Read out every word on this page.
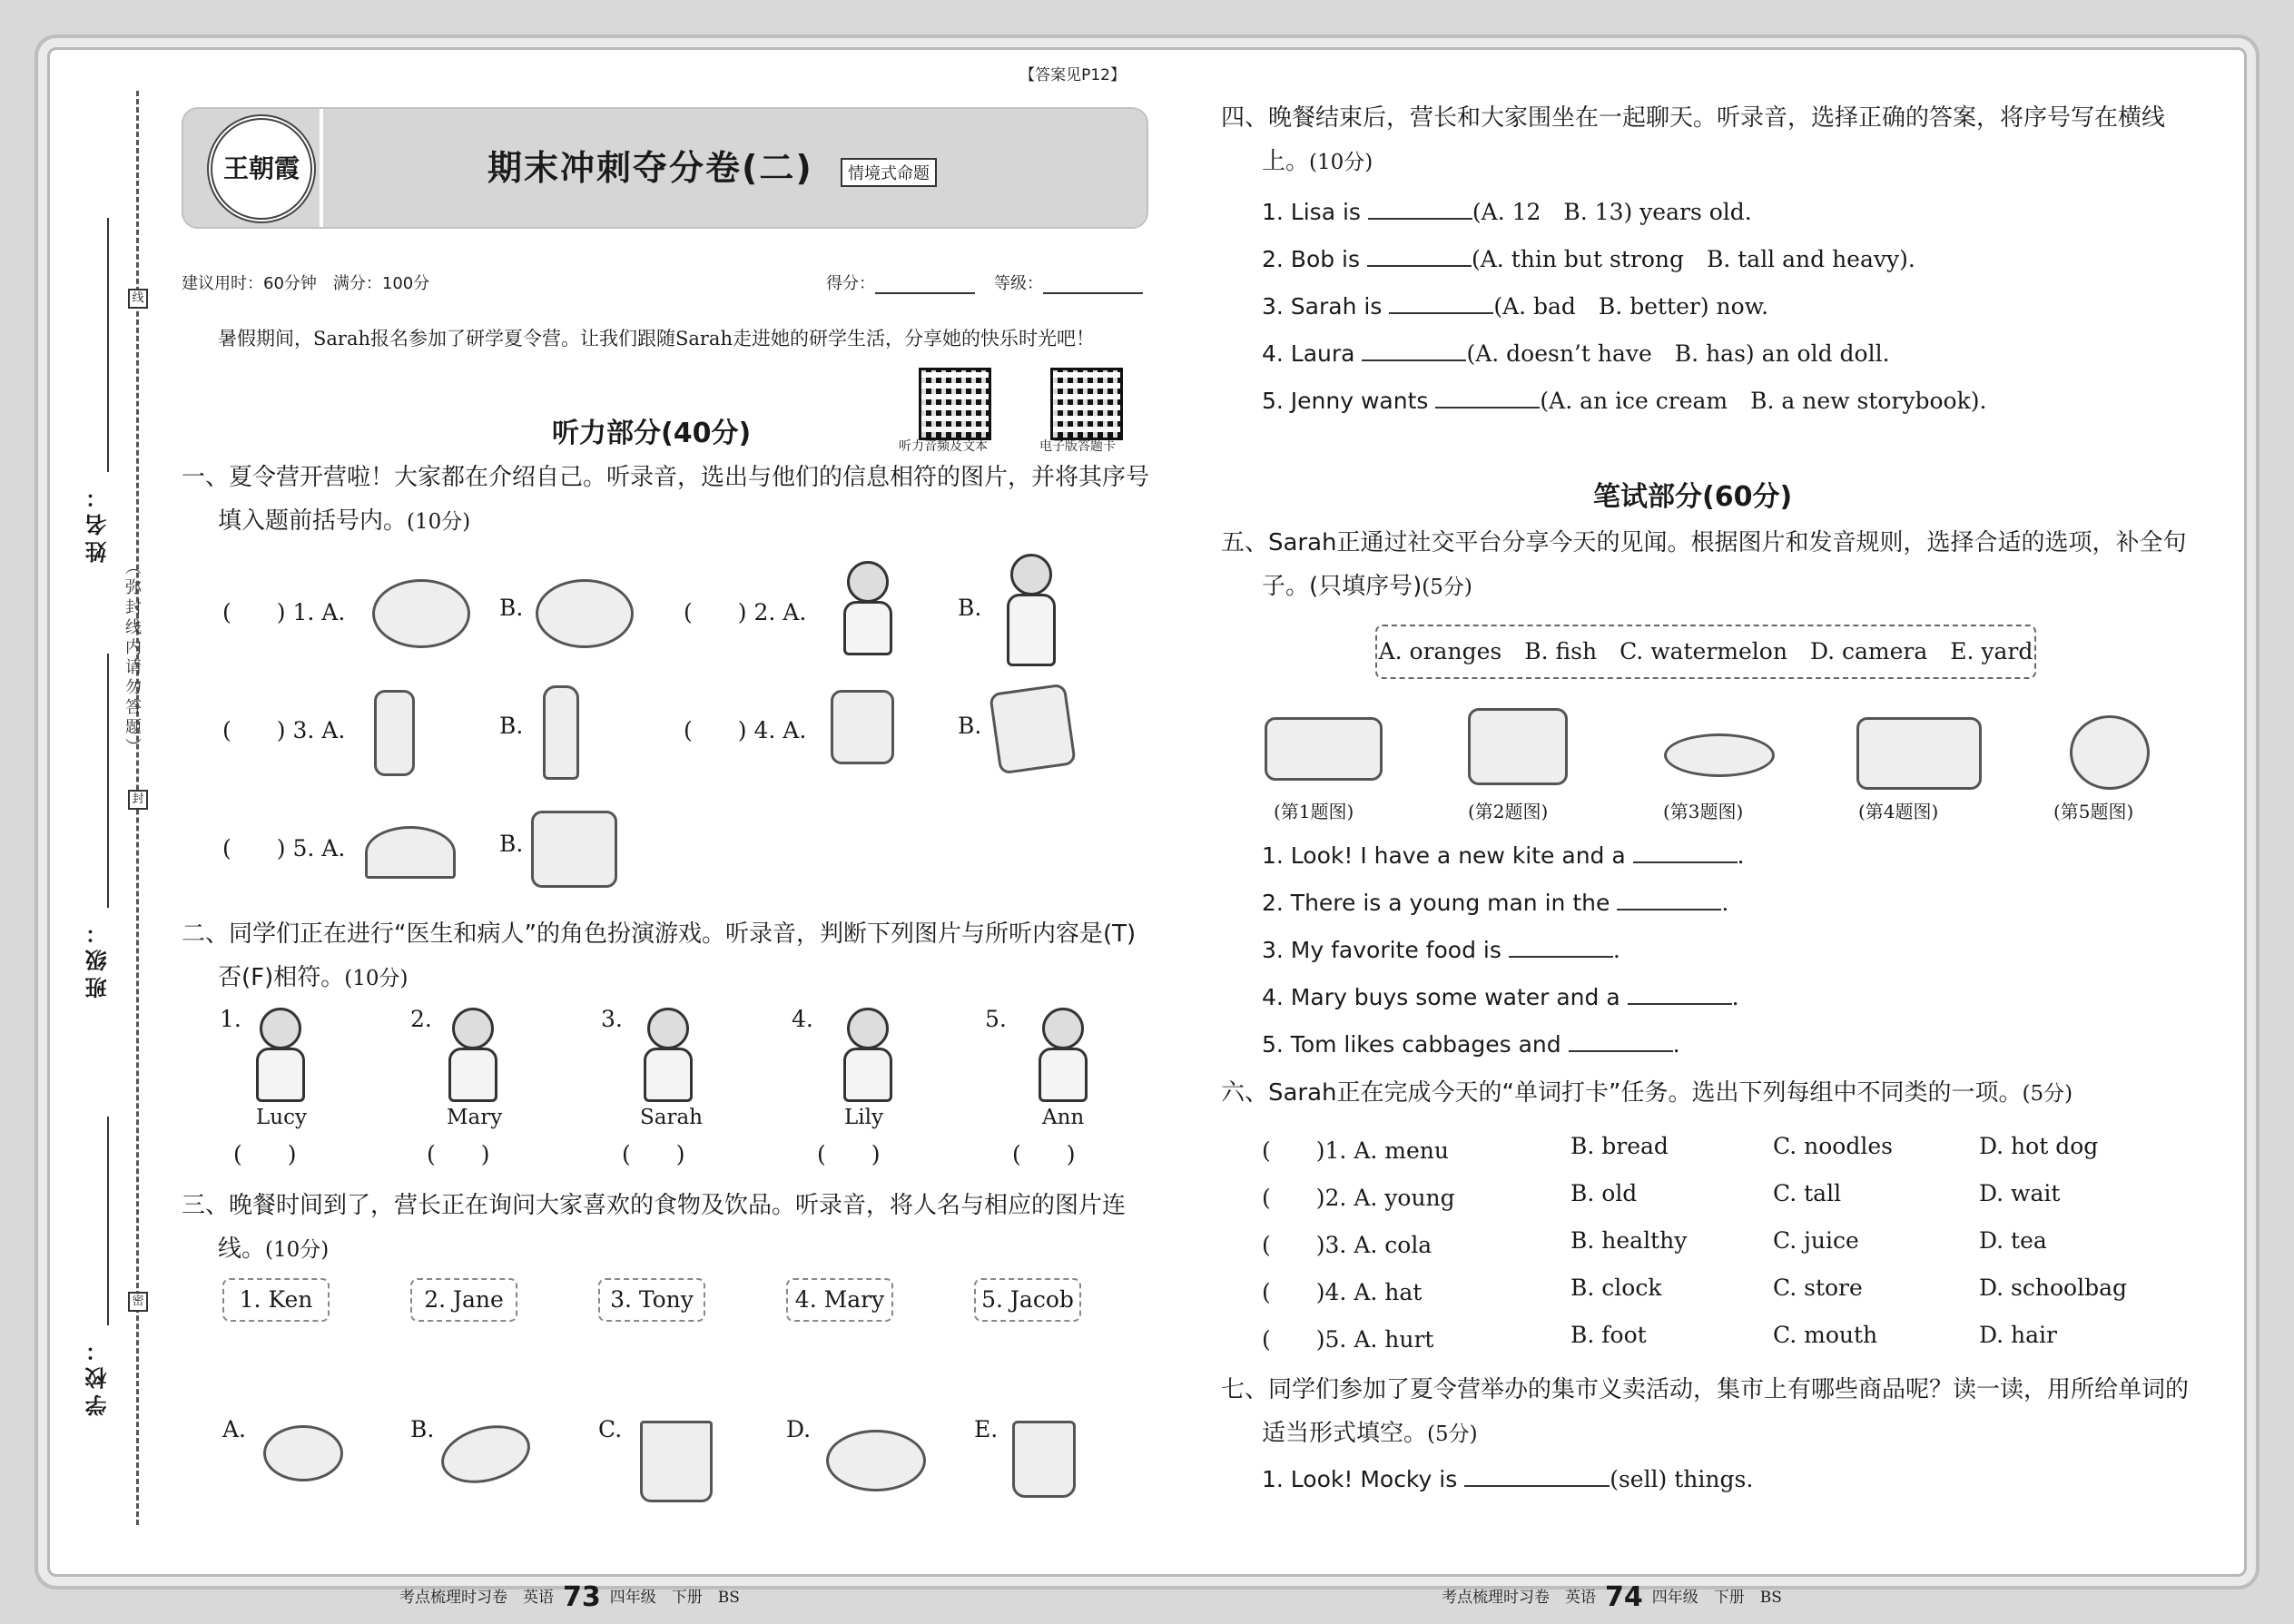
线
封
密
姓名：
班级：
学校：
（弥封线内请勿答题）
【答案见P12】
王朝霞	期末冲刺夺分卷(二)	情境式命题
建议用时：60分钟　满分：100分	得分：	等级：
暑假期间，Sarah报名参加了研学夏令营。让我们跟随Sarah走进她的研学生活，分享她的快乐时光吧！
听力音频及文本	电子版答题卡
听力部分(40分)
一、夏令营开营啦！大家都在介绍自己。听录音，选出与他们的信息相符的图片，并将其序号填入题前括号内。(10分)
(　　) 1. A.	B.	(　　) 2. A.	B.
(　　) 3. A.	B.	(　　) 4. A.	B.
(　　) 5. A.	B.
二、同学们正在进行“医生和病人”的角色扮演游戏。听录音，判断下列图片与所听内容是(T)否(F)相符。(10分)
1.
Lucy
(　　)
2.
Mary
(　　)
3.
Sarah
(　　)
4.
Lily
(　　)
5.
Ann
(　　)
三、晚餐时间到了，营长正在询问大家喜欢的食物及饮品。听录音，将人名与相应的图片连线。(10分)
1. Ken	2. Jane	3. Tony	4. Mary	5. Jacob
A.	B.	C.	D.	E.
考点梳理时习卷　英语 73 四年级　下册　BS
四、晚餐结束后，营长和大家围坐在一起聊天。听录音，选择正确的答案，将序号写在横线上。(10分)
1. Lisa is	(A. 12　B. 13) years old.
2. Bob is	(A. thin but strong　B. tall and heavy).
3. Sarah is	(A. bad　B. better) now.
4. Laura	(A. doesn’t have　B. has) an old doll.
5. Jenny wants	(A. an ice cream　B. a new storybook).
笔试部分(60分)
五、Sarah正通过社交平台分享今天的见闻。根据图片和发音规则，选择合适的选项，补全句子。(只填序号)(5分)
A. oranges　B. fish　C. watermelon　D. camera　E. yard
(第1题图)	(第2题图)	(第3题图)	(第4题图)	(第5题图)
1. Look! I have a new kite and a	.
2. There is a young man in the	.
3. My favorite food is	.
4. Mary buys some water and a	.
5. Tom likes cabbages and	.
六、Sarah正在完成今天的“单词打卡”任务。选出下列每组中不同类的一项。(5分)
(　　)1. A. menu	B. bread	C. noodles	D. hot dog
(　　)2. A. young	B. old	C. tall	D. wait
(　　)3. A. cola	B. healthy	C. juice	D. tea
(　　)4. A. hat	B. clock	C. store	D. schoolbag
(　　)5. A. hurt	B. foot	C. mouth	D. hair
七、同学们参加了夏令营举办的集市义卖活动，集市上有哪些商品呢？读一读，用所给单词的适当形式填空。(5分)
1. Look! Mocky is	(sell) things.
考点梳理时习卷　英语 74 四年级　下册　BS
